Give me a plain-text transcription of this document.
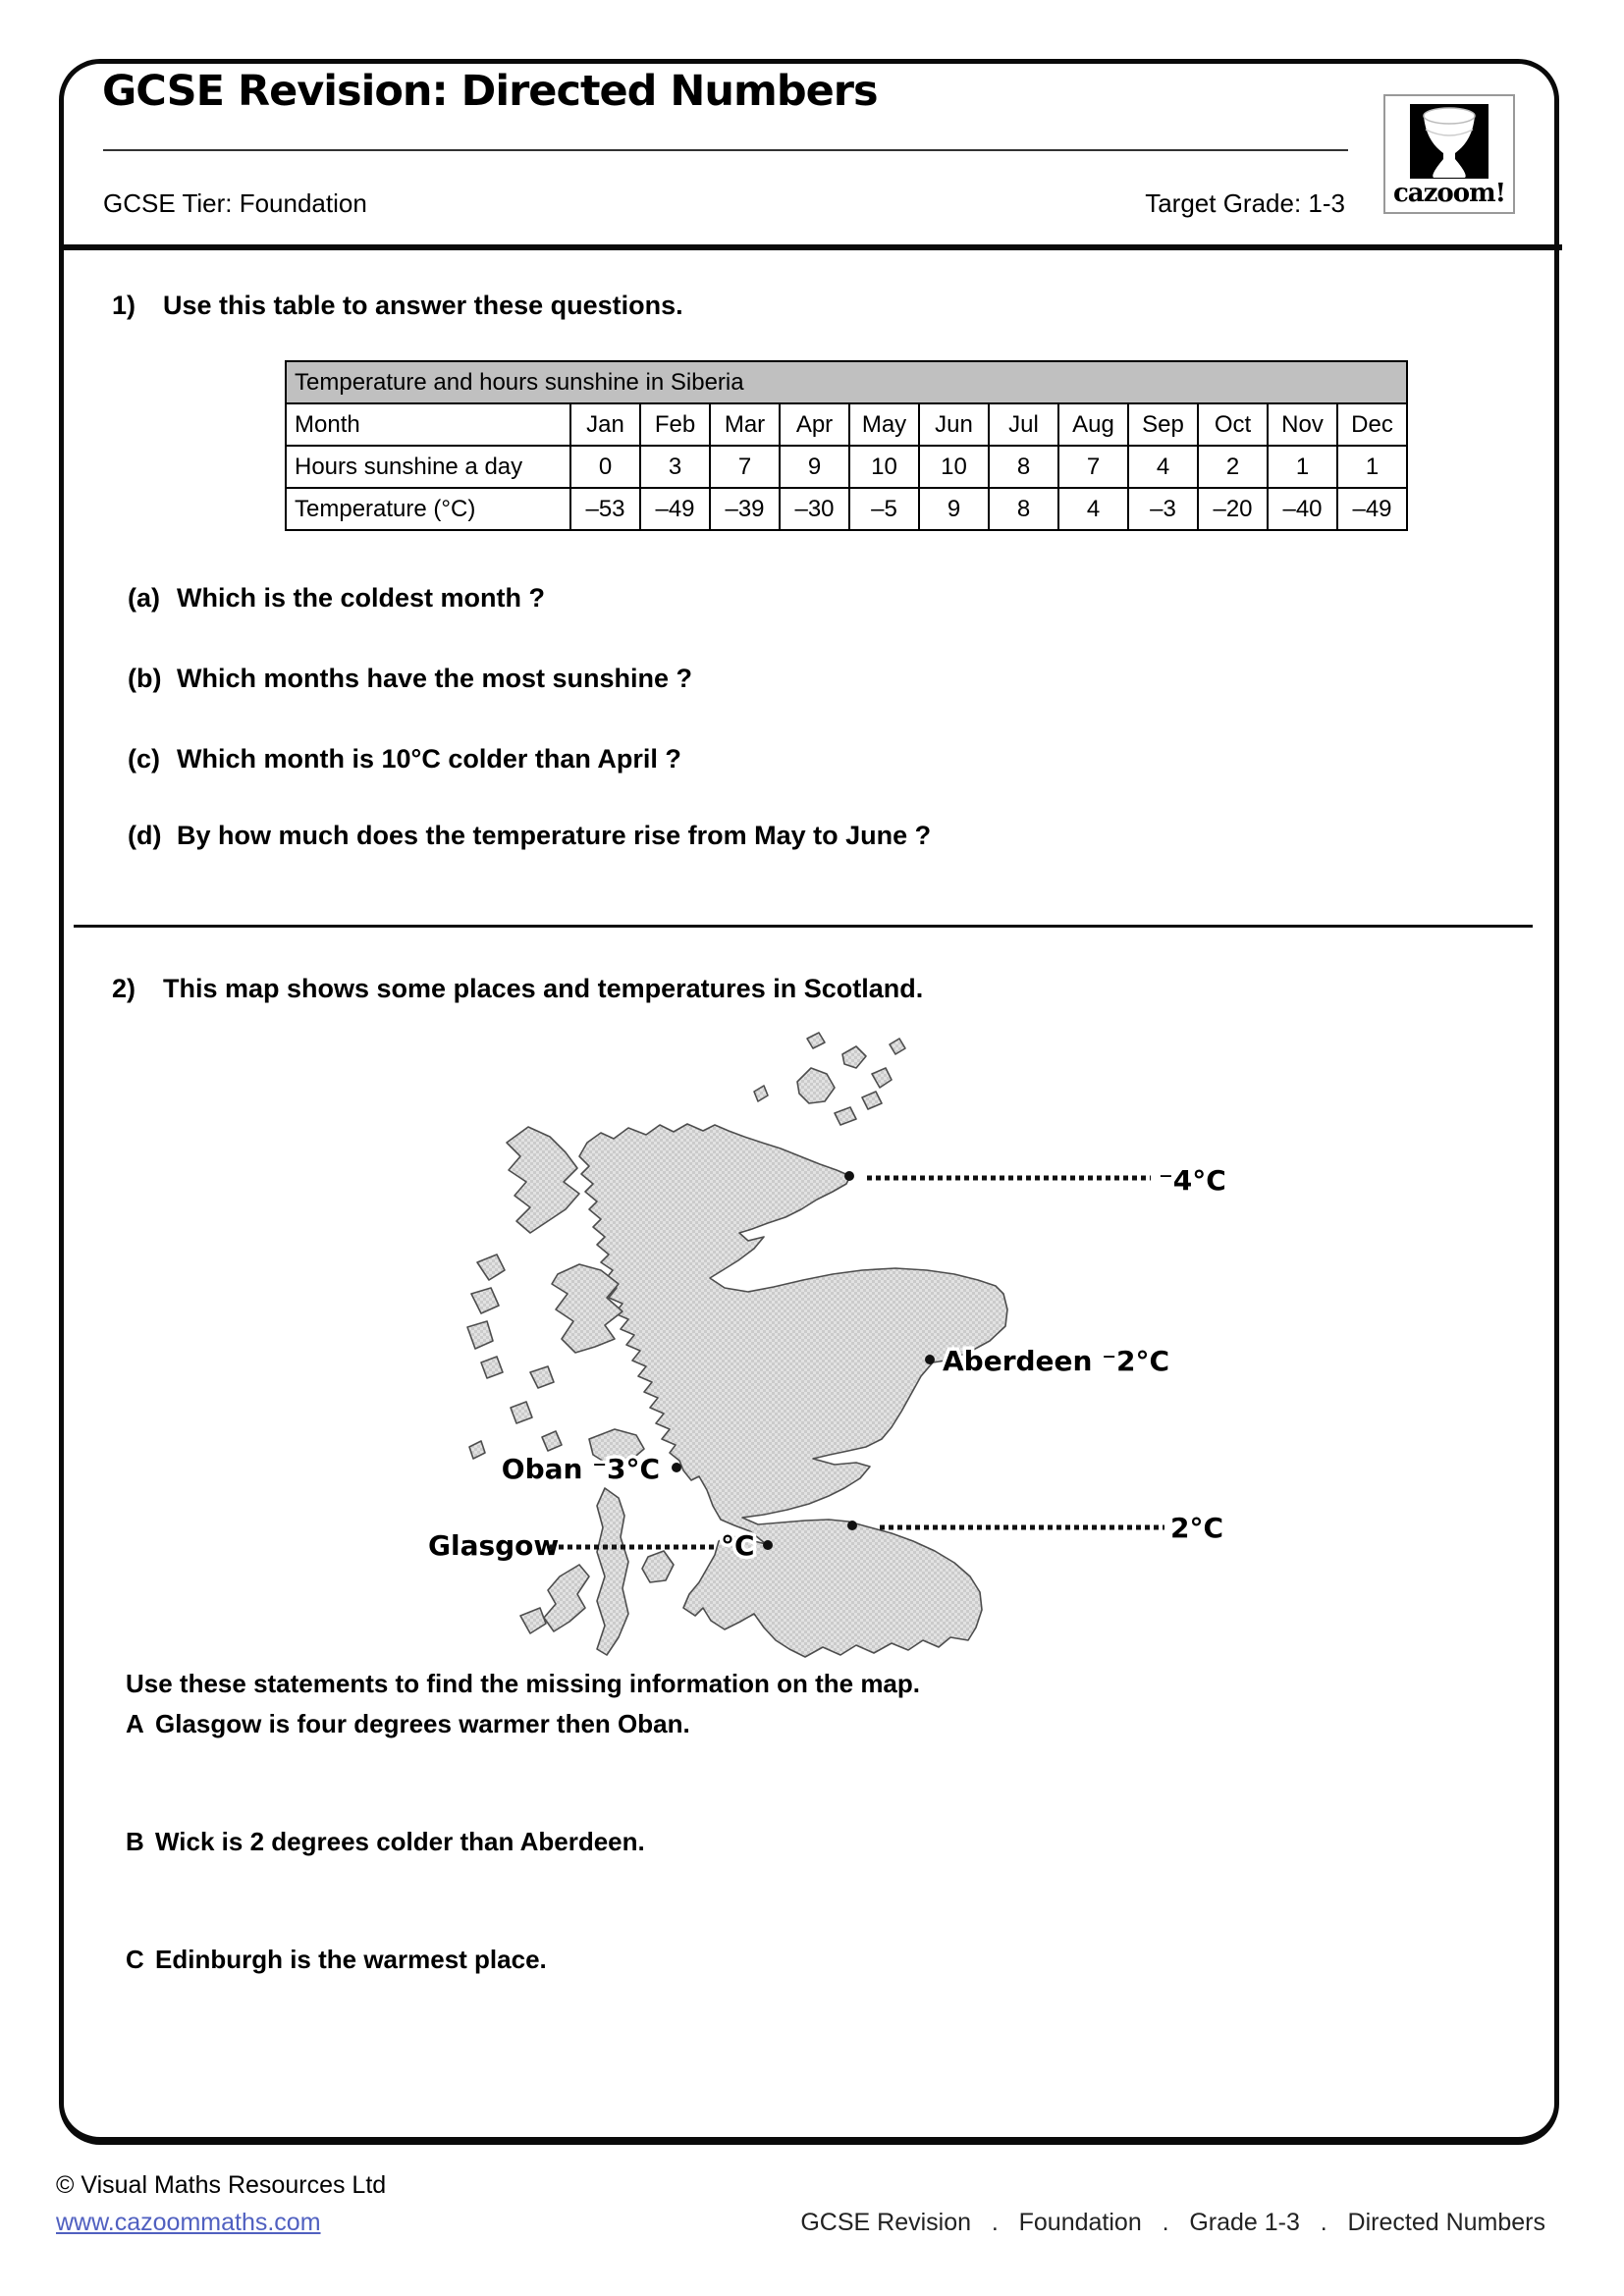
GCSE Revision: Directed Numbers
GCSE Tier: Foundation	Target Grade: 1-3	cazoom!
1) Use this table to answer these questions.
Temperature and hours sunshine in Siberia												
Month	Jan	Feb	Mar	Apr	May	Jun	Jul	Aug	Sep	Oct	Nov	Dec
Hours sunshine a day	0	3	7	9	10	10	8	7	4	2	1	1
Temperature (°C)	–53	–49	–39	–30	–5	9	8	4	–3	–20	–40	–49
(a) Which is the coldest month ?
(b) Which months have the most sunshine ?
(c) Which month is 10°C colder than April ?
(d) By how much does the temperature rise from May to June ?
2) This map shows some places and temperatures in Scotland.
⁻4°C
Aberdeen ⁻2°C
Oban ⁻3°C
Glasgow	°C
2°C
Use these statements to find the missing information on the map.
A Glasgow is four degrees warmer then Oban.
B Wick is 2 degrees colder than Aberdeen.
C Edinburgh is the warmest place.
© Visual Maths Resources Ltd
www.cazoommaths.com	GCSE Revision   .   Foundation   .   Grade 1-3   .   Directed Numbers
